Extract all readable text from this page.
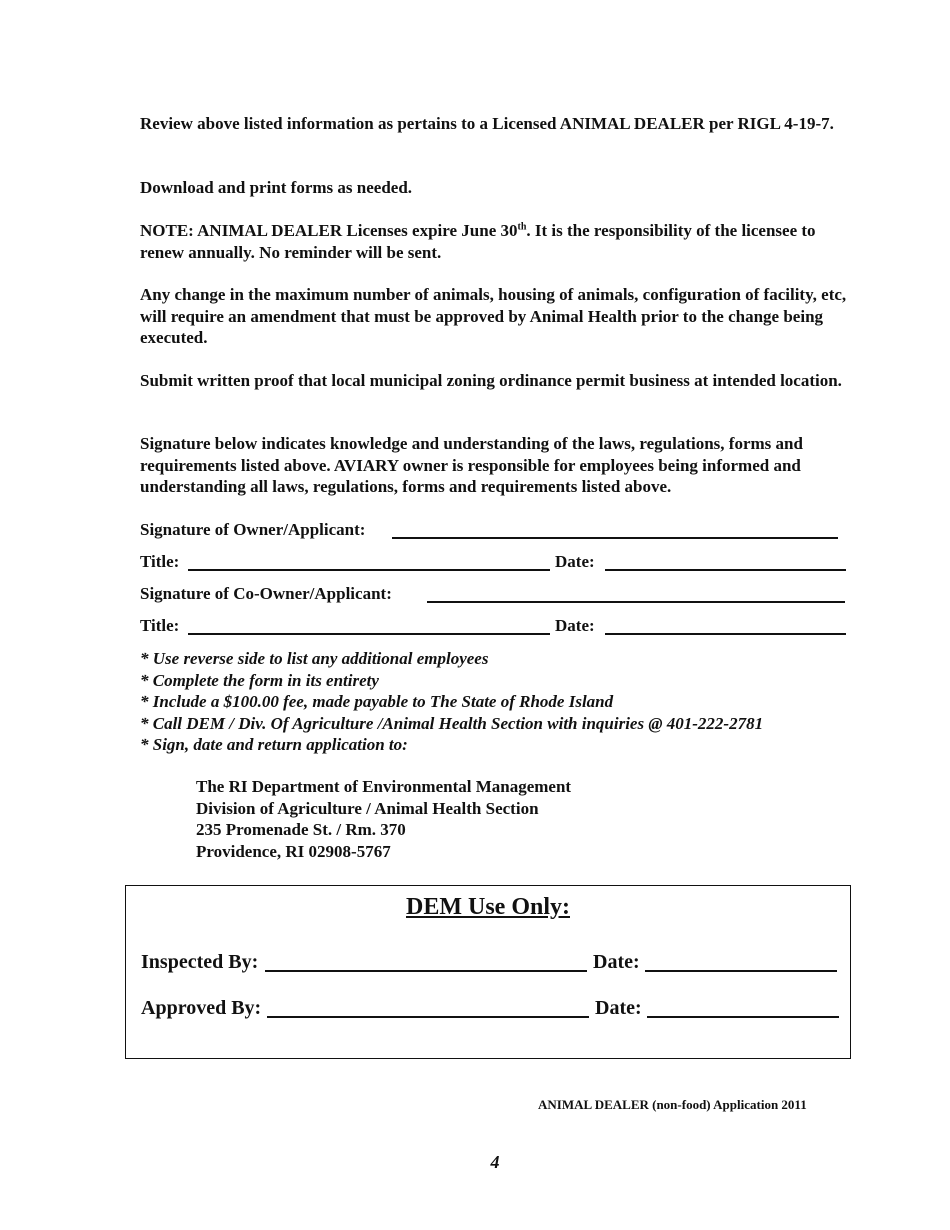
Review above listed information as pertains to a Licensed ANIMAL DEALER per RIGL 4-19-7.

Download and print forms as needed.

NOTE: ANIMAL DEALER Licenses expire June 30th. It is the responsibility of the licensee to renew annually. No reminder will be sent.

Any change in the maximum number of animals, housing of animals, configuration of facility, etc, will require an amendment that must be approved by Animal Health prior to the change being executed.

Submit written proof that local municipal zoning ordinance permit business at intended location.

Signature below indicates knowledge and understanding of the laws, regulations, forms and requirements listed above. AVIARY owner is responsible for employees being informed and understanding all laws, regulations, forms and requirements listed above.

Signature of Owner/Applicant:
Title:	Date:
Signature of Co-Owner/Applicant:
Title:	Date:
* Use reverse side to list any additional employees
* Complete the form in its entirety
* Include a $100.00 fee, made payable to The State of Rhode Island
* Call DEM / Div. Of Agriculture /Animal Health Section with inquiries @ 401-222-2781
* Sign, date and return application to:
The RI Department of Environmental Management
Division of Agriculture / Animal Health Section
235 Promenade St. / Rm. 370
Providence, RI 02908-5767
DEM Use Only:
Inspected By:	Date:
Approved By:	Date:
ANIMAL DEALER (non-food) Application 2011
4
